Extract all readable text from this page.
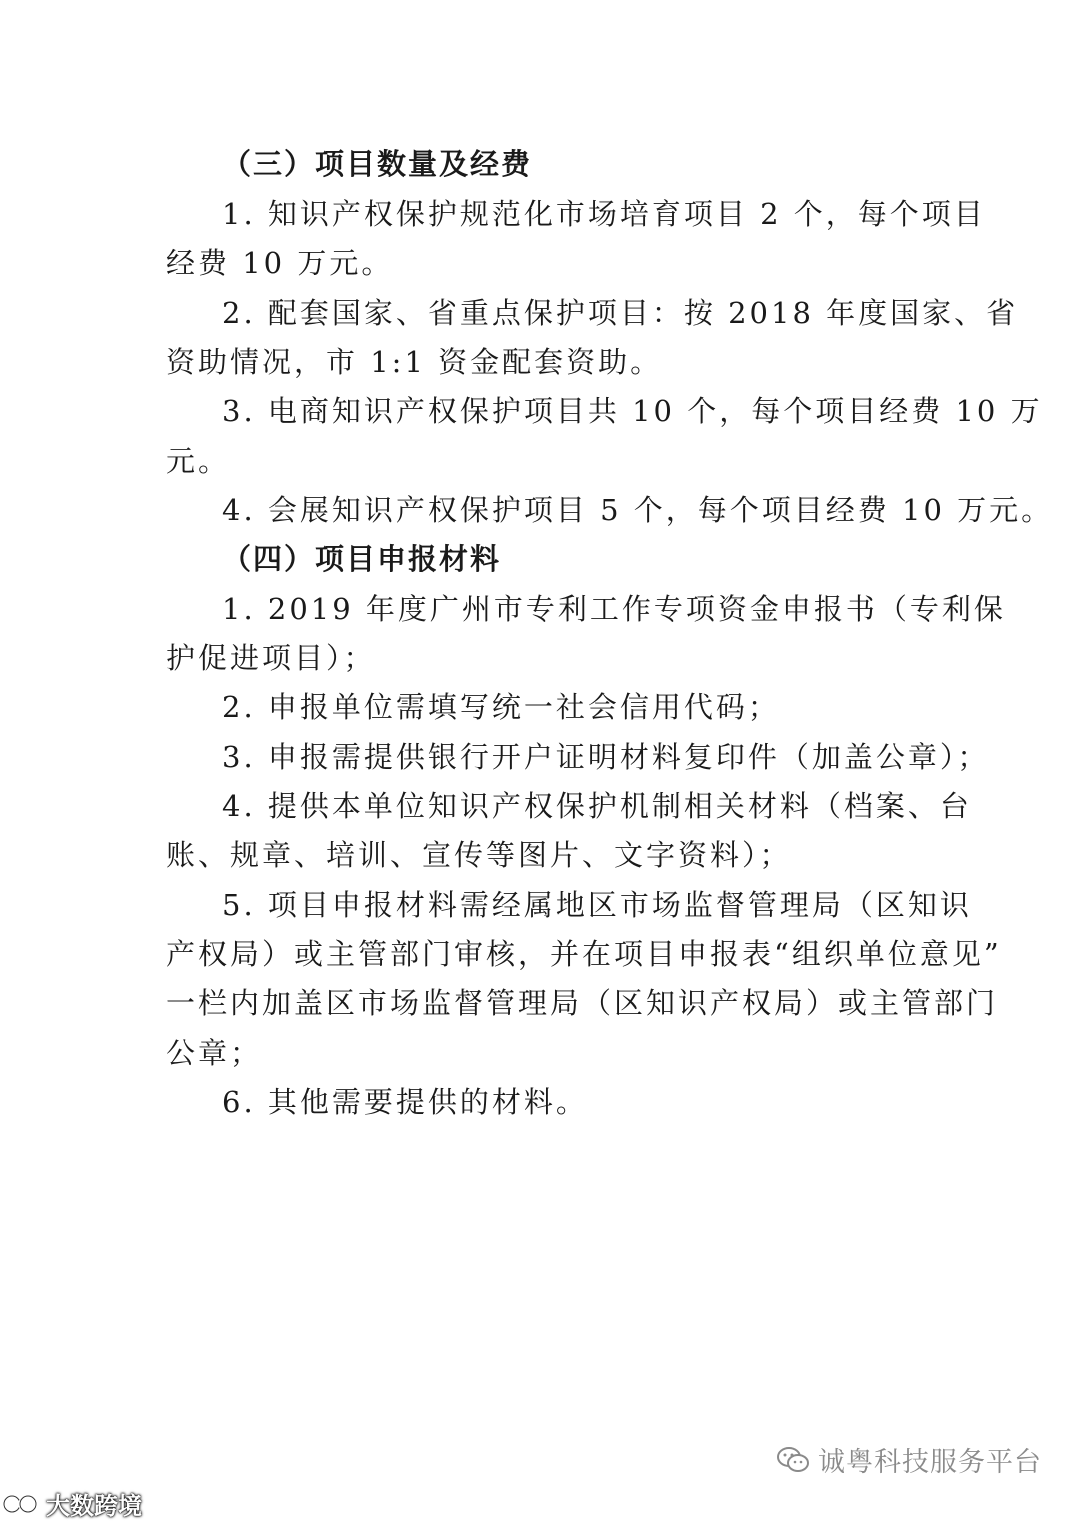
（三）项目数量及经费
1. 知识产权保护规范化市场培育项目 2 个，每个项目
经费 10 万元。
2. 配套国家、省重点保护项目：按 2018 年度国家、省
资助情况，市 1:1 资金配套资助。
3. 电商知识产权保护项目共 10 个，每个项目经费 10 万
元。
4. 会展知识产权保护项目 5 个，每个项目经费 10 万元。
（四）项目申报材料
1. 2019 年度广州市专利工作专项资金申报书（专利保
护促进项目）；
2. 申报单位需填写统一社会信用代码；
3. 申报需提供银行开户证明材料复印件（加盖公章）；
4. 提供本单位知识产权保护机制相关材料（档案、台
账、规章、培训、宣传等图片、文字资料）；
5. 项目申报材料需经属地区市场监督管理局（区知识
产权局）或主管部门审核，并在项目申报表“组织单位意见”
一栏内加盖区市场监督管理局（区知识产权局）或主管部门
公章；
6. 其他需要提供的材料。
诚粤科技服务平台
大数跨境
